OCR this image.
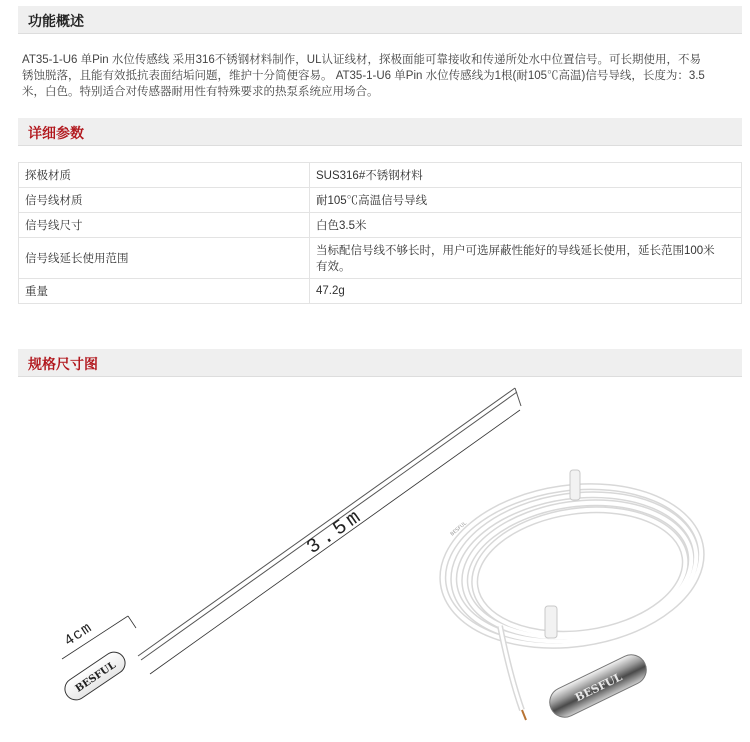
功能概述
AT35-1-U6 单Pin 水位传感线 采用316不锈钢材料制作，UL认证线材，探极面能可靠接收和传递所处水中位置信号。可长期使用，不易
锈蚀脱落，且能有效抵抗表面结垢问题，维护十分简便容易。 AT35-1-U6 单Pin 水位传感线为1根(耐105℃高温)信号导线，长度为：3.5
米，白色。特别适合对传感器耐用性有特殊要求的热泵系统应用场合。
详细参数
探极材质	SUS316#不锈钢材料
信号线材质	耐105℃高温信号导线
信号线尺寸	白色3.5米
信号线延长使用范围	当标配信号线不够长时，用户可选屏蔽性能好的导线延长使用，延长范围100米
有效。

重量	47.2g
规格尺寸图
BESFUL
3.5m
4cm
BESFUL
BESFUL
